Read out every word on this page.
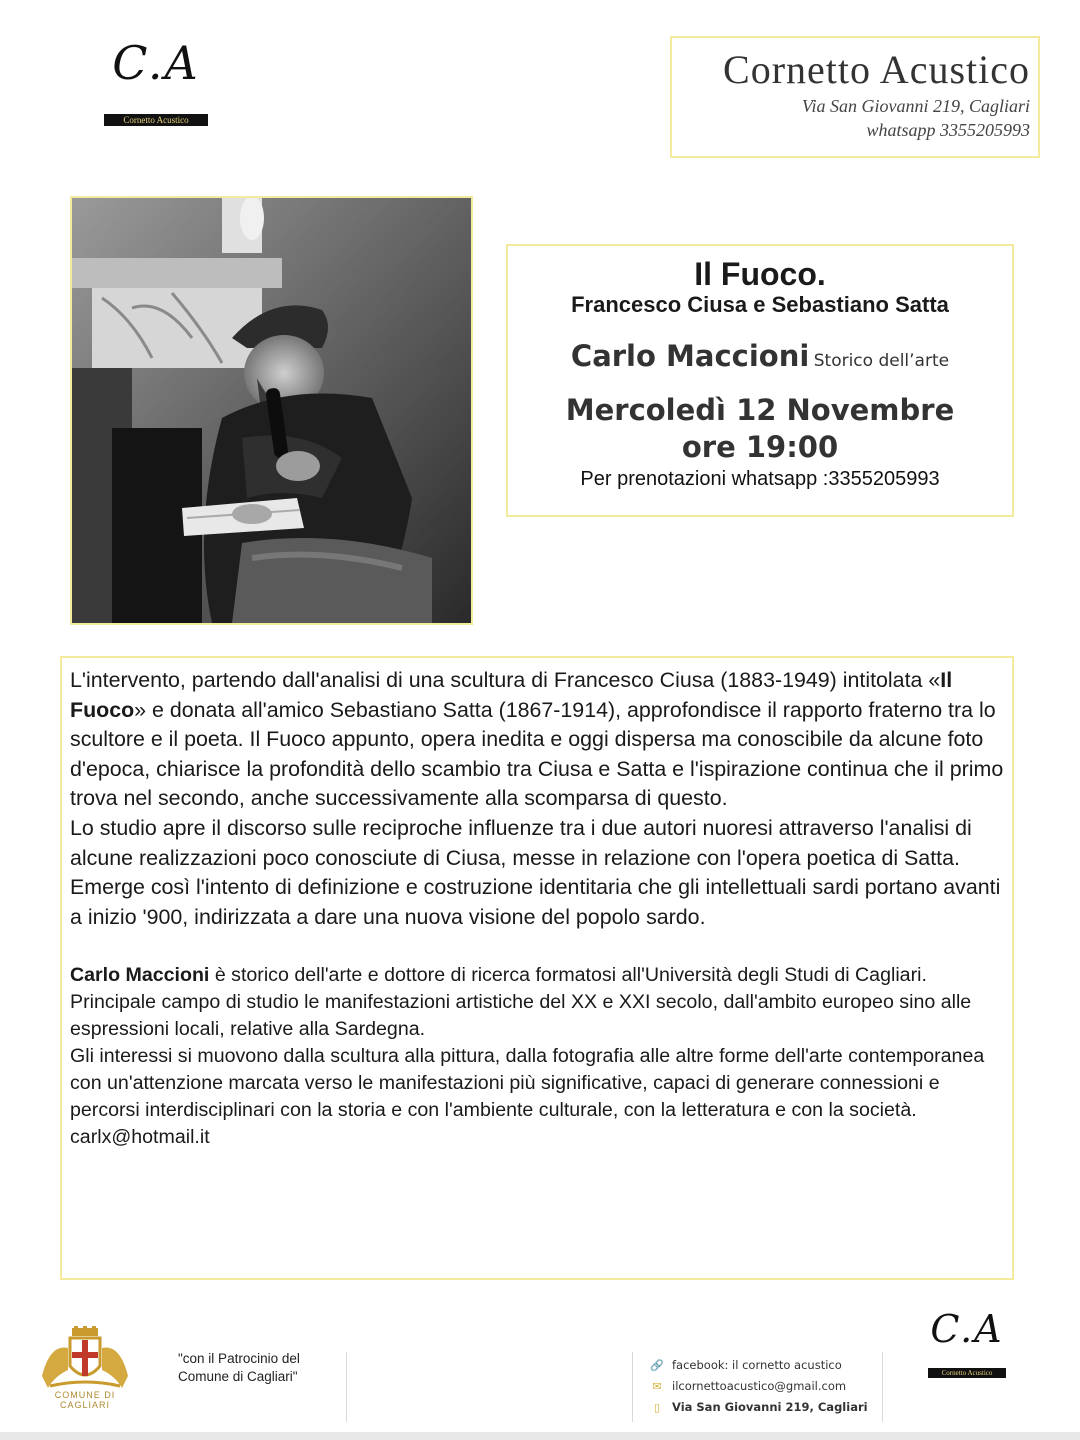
C.A
Cornetto Acustico
Cornetto Acustico
Via San Giovanni 219, Cagliari
whatsapp 3355205993
Il Fuoco.
Francesco Ciusa e Sebastiano Satta
Carlo Maccioni Storico dell’arte
Mercoledì 12 Novembre ore 19:00
Per prenotazioni whatsapp :3355205993

L'intervento, partendo dall'analisi di una scultura di Francesco Ciusa (1883-1949) intitolata «Il Fuoco» e donata all'amico Sebastiano Satta (1867-1914), approfondisce il rapporto fraterno tra lo scultore e il poeta. Il Fuoco appunto, opera inedita e oggi dispersa ma conoscibile da alcune foto d'epoca, chiarisce la profondità dello scambio tra Ciusa e Satta e l'ispirazione continua che il primo trova nel secondo, anche successivamente alla scomparsa di questo.

Lo studio apre il discorso sulle reciproche influenze tra i due autori nuoresi attraverso l'analisi di alcune realizzazioni poco conosciute di Ciusa, messe in relazione con l'opera poetica di Satta. Emerge così l'intento di definizione e costruzione identitaria che gli intellettuali sardi portano avanti a inizio '900, indirizzata a dare una nuova visione del popolo sardo.

Carlo Maccioni è storico dell'arte e dottore di ricerca formatosi all'Università degli Studi di Cagliari.

Principale campo di studio le manifestazioni artistiche del XX e XXI secolo, dall'ambito europeo sino alle espressioni locali, relative alla Sardegna.

Gli interessi si muovono dalla scultura alla pittura, dalla fotografia alle altre forme dell'arte contemporanea con un'attenzione marcata verso le manifestazioni più significative, capaci di generare connessioni e percorsi interdisciplinari con la storia e con l'ambiente culturale, con la letteratura e con la società.

carlx@hotmail.it

COMUNE DI CAGLIARI
"con il Patrocinio del Comune di Cagliari"
🔗 facebook: il cornetto acustico
✉ ilcornettoacustico@gmail.com
▯ Via San Giovanni 219, Cagliari
C.A
Cornetto Acustico
